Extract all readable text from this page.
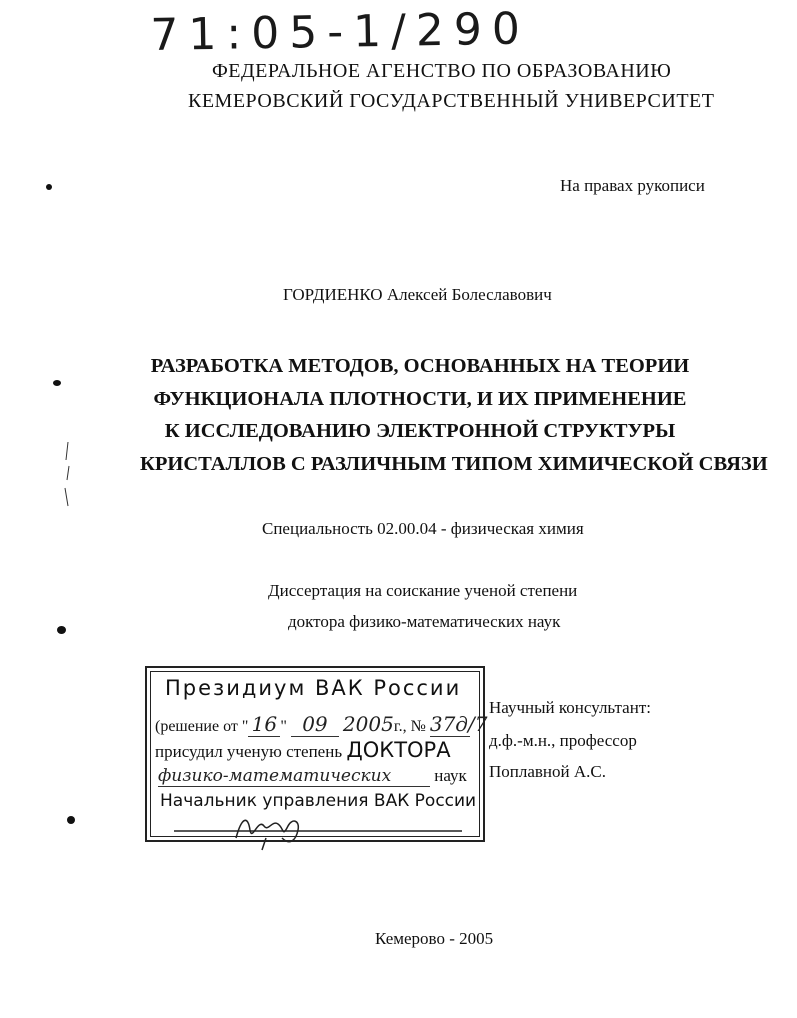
71:05-1/290
ФЕДЕРАЛЬНОЕ АГЕНСТВО ПО ОБРАЗОВАНИЮ
КЕМЕРОВСКИЙ ГОСУДАРСТВЕННЫЙ УНИВЕРСИТЕТ
На правах рукописи
ГОРДИЕНКО Алексей Болеславович
РАЗРАБОТКА МЕТОДОВ, ОСНОВАННЫХ НА ТЕОРИИ
ФУНКЦИОНАЛА ПЛОТНОСТИ, И ИХ ПРИМЕНЕНИЕ
К ИССЛЕДОВАНИЮ ЭЛЕКТРОННОЙ СТРУКТУРЫ
КРИСТАЛЛОВ С РАЗЛИЧНЫМ ТИПОМ ХИМИЧЕСКОЙ СВЯЗИ
Специальность 02.00.04 - физическая химия
Диссертация на соискание ученой степени
доктора физико-математических наук
Президиум ВАК России
(решение от " 16 " 09 2005г., № 37д/7
присудил ученую степень ДОКТОРА
физико-математических	наук
Начальник управления ВАК России
Научный консультант:
д.ф.-м.н., профессор
Поплавной А.С.
Кемерово - 2005
